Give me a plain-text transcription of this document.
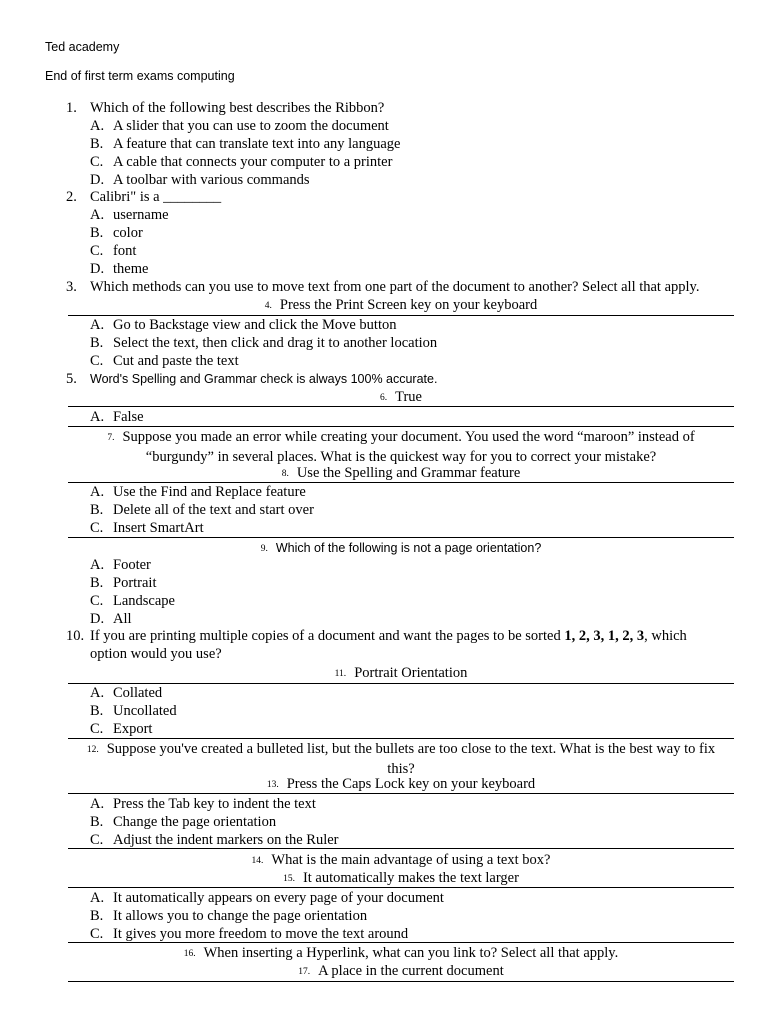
Ted academy
End of first term exams computing
1. Which of the following best describes the Ribbon?
A. A slider that you can use to zoom the document
B. A feature that can translate text into any language
C. A cable that connects your computer to a printer
D. A toolbar with various commands
2. Calibri" is a ________
A. username
B. color
C. font
D. theme
3. Which methods can you use to move text from one part of the document to another? Select all that apply.
4. Press the Print Screen key on your keyboard
A. Go to Backstage view and click the Move button
B. Select the text, then click and drag it to another location
C. Cut and paste the text
5.	Word's Spelling and Grammar check is always 100% accurate.
6. True
A. False
7. Suppose you made an error while creating your document. You used the word “maroon” instead of
“burgundy” in several places. What is the quickest way for you to correct your mistake?
8. Use the Spelling and Grammar feature
A. Use the Find and Replace feature
B. Delete all of the text and start over
C. Insert SmartArt
9. Which of the following is not a page orientation?
A. Footer
B. Portrait
C. Landscape
D. All
10. If you are printing multiple copies of a document and want the pages to be sorted 1, 2, 3, 1, 2, 3, which
option would you use?
11. Portrait Orientation
A. Collated
B. Uncollated
C. Export
12. Suppose you've created a bulleted list, but the bullets are too close to the text. What is the best way to fix
this?
13. Press the Caps Lock key on your keyboard
A. Press the Tab key to indent the text
B. Change the page orientation
C. Adjust the indent markers on the Ruler
14. What is the main advantage of using a text box?
15. It automatically makes the text larger
A. It automatically appears on every page of your document
B. It allows you to change the page orientation
C. It gives you more freedom to move the text around
16. When inserting a Hyperlink, what can you link to? Select all that apply.
17. A place in the current document
